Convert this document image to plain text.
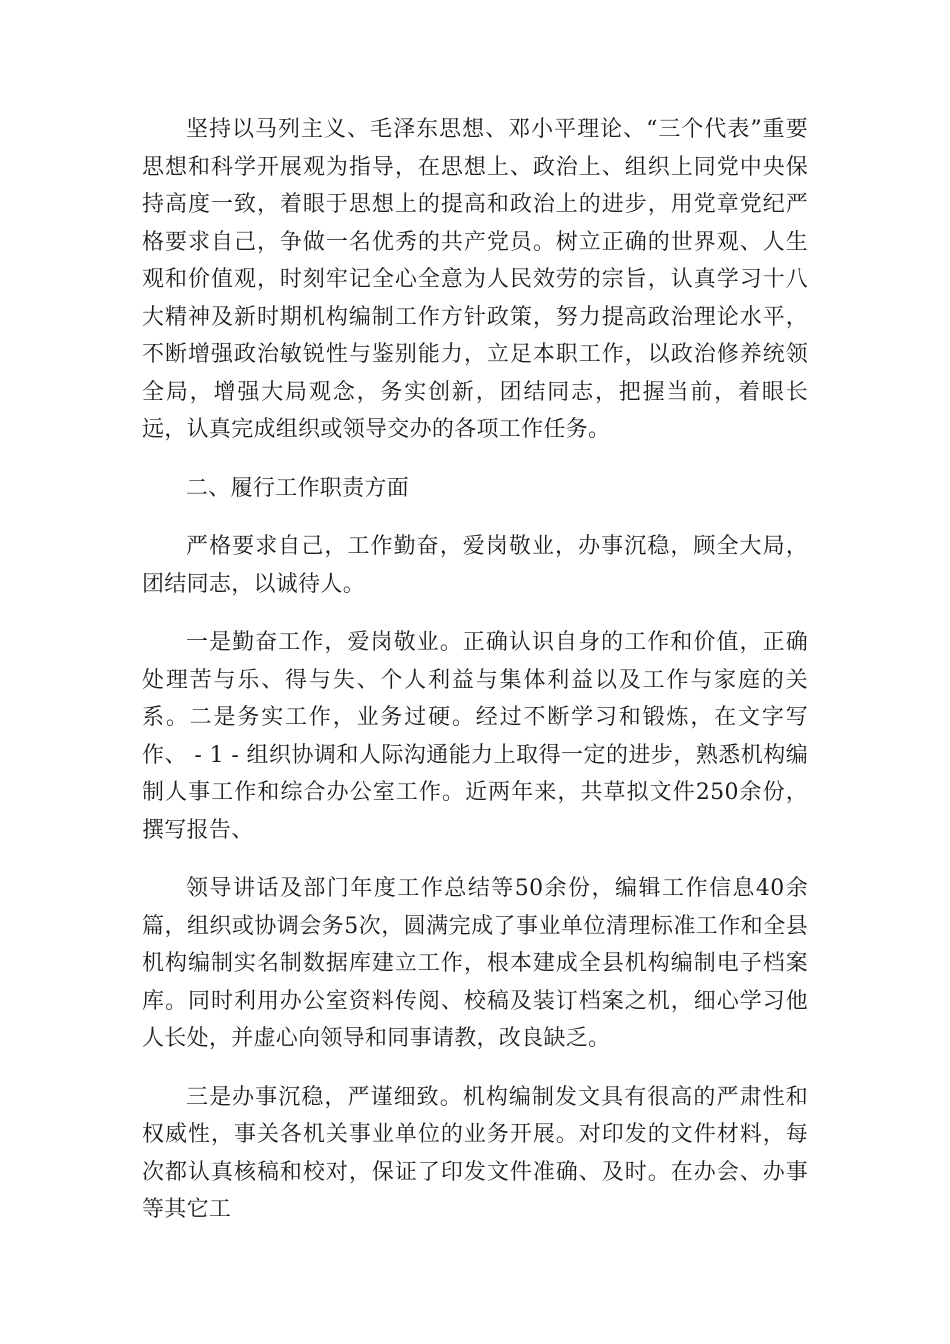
坚持以马列主义、毛泽东思想、邓小平理论、“三个代表”重要思想和科学开展观为指导，在思想上、政治上、组织上同党中央保持高度一致，着眼于思想上的提高和政治上的进步，用党章党纪严格要求自己，争做一名优秀的共产党员。树立正确的世界观、人生观和价值观，时刻牢记全心全意为人民效劳的宗旨，认真学习十八大精神及新时期机构编制工作方针政策，努力提高政治理论水平，不断增强政治敏锐性与鉴别能力，立足本职工作，以政治修养统领全局，增强大局观念，务实创新，团结同志，把握当前，着眼长远，认真完成组织或领导交办的各项工作任务。

二、履行工作职责方面

严格要求自己，工作勤奋，爱岗敬业，办事沉稳，顾全大局，团结同志，以诚待人。

一是勤奋工作，爱岗敬业。正确认识自身的工作和价值，正确处理苦与乐、得与失、个人利益与集体利益以及工作与家庭的关系。二是务实工作，业务过硬。经过不断学习和锻炼，在文字写作、 - 1 - 组织协调和人际沟通能力上取得一定的进步，熟悉机构编制人事工作和综合办公室工作。近两年来，共草拟文件250余份，撰写报告、

领导讲话及部门年度工作总结等50余份，编辑工作信息40余篇，组织或协调会务5次，圆满完成了事业单位清理标准工作和全县机构编制实名制数据库建立工作，根本建成全县机构编制电子档案库。同时利用办公室资料传阅、校稿及装订档案之机，细心学习他人长处，并虚心向领导和同事请教，改良缺乏。

三是办事沉稳，严谨细致。机构编制发文具有很高的严肃性和权威性，事关各机关事业单位的业务开展。对印发的文件材料，每次都认真核稿和校对，保证了印发文件准确、及时。在办会、办事等其它工
